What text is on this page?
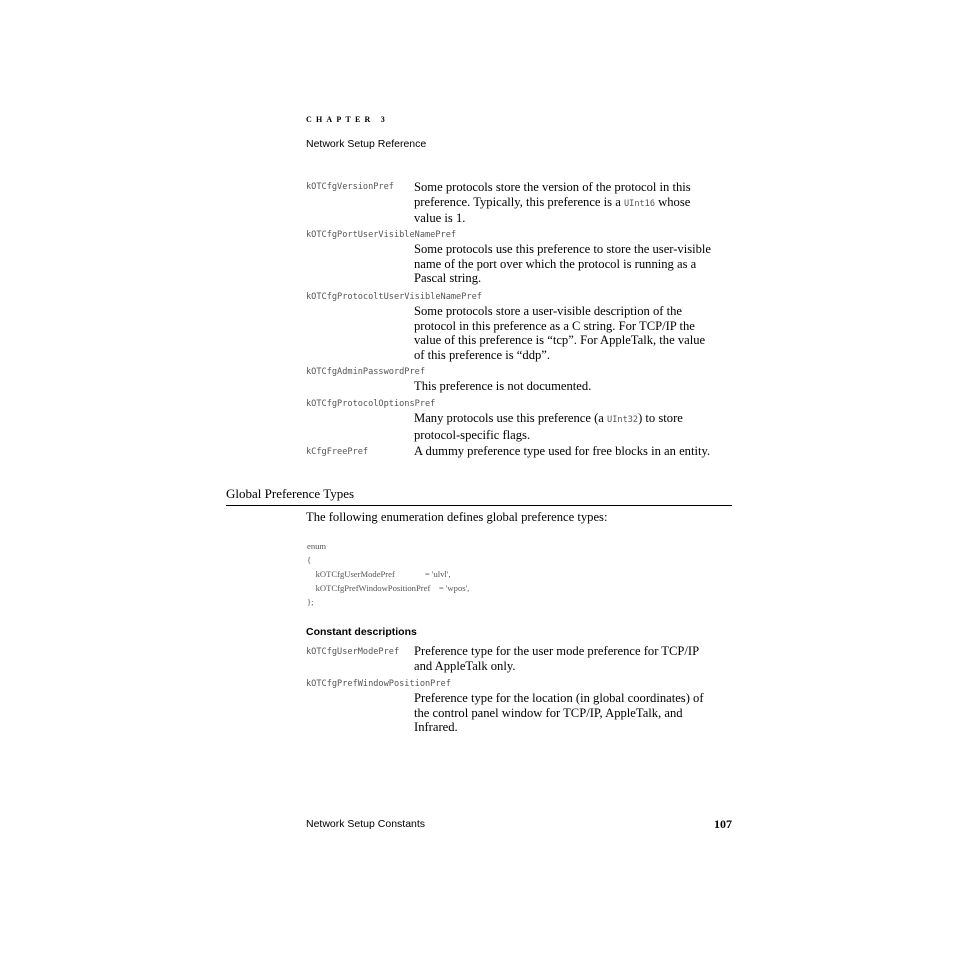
CHAPTER 3
Network Setup Reference
kOTCfgVersionPref Some protocols store the version of the protocol in this
preference. Typically, this preference is a UInt16 whose
value is 1.
kOTCfgPortUserVisibleNamePref
Some protocols use this preference to store the user-visible
name of the port over which the protocol is running as a
Pascal string.
kOTCfgProtocoltUserVisibleNamePref
Some protocols store a user-visible description of the
protocol in this preference as a C string. For TCP/IP the
value of this preference is “tcp”. For AppleTalk, the value
of this preference is “ddp”.
kOTCfgAdminPasswordPref
This preference is not documented.
kOTCfgProtocolOptionsPref
Many protocols use this preference (a UInt32) to store
protocol-specific flags.
kCfgFreePref	A dummy preference type used for free blocks in an entity.
Global Preference Types
The following enumeration defines global preference types:
enum
{
kOTCfgUserModePref              = 'ulvl',
kOTCfgPrefWindowPositionPref    = 'wpos',
};
Constant descriptions
kOTCfgUserModePref Preference type for the user mode preference for TCP/IP
and AppleTalk only.
kOTCfgPrefWindowPositionPref
Preference type for the location (in global coordinates) of
the control panel window for TCP/IP, AppleTalk, and
Infrared.
Network Setup Constants	107
